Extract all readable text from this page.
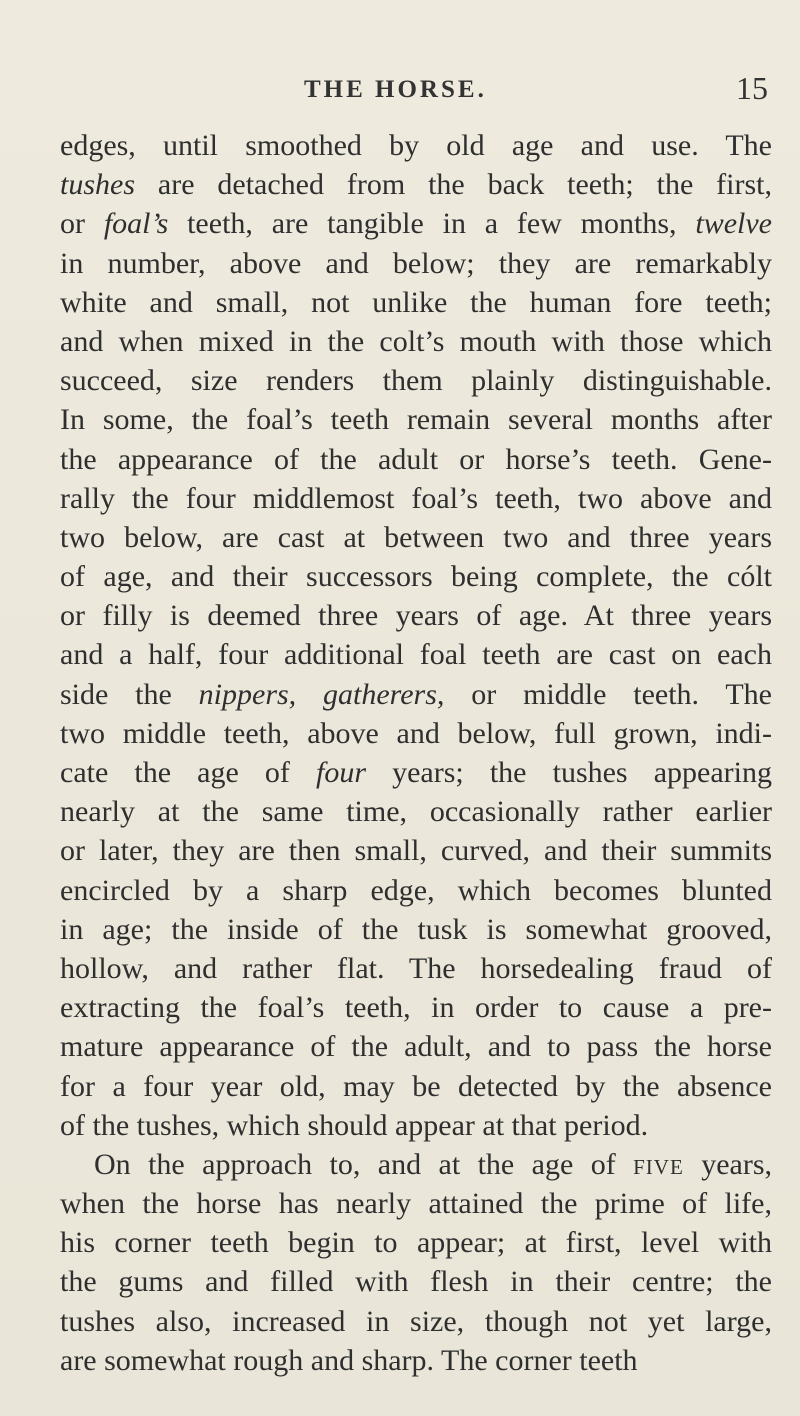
THE HORSE.	15
edges, until smoothed by old age and use. The
tushes are detached from the back teeth; the first,
or foal’s teeth, are tangible in a few months, twelve
in number, above and below; they are remarkably
white and small, not unlike the human fore teeth;
and when mixed in the colt’s mouth with those which
succeed, size renders them plainly distinguishable.
In some, the foal’s teeth remain several months after
the appearance of the adult or horse’s teeth. Gene-
rally the four middlemost foal’s teeth, two above and
two below, are cast at between two and three years
of age, and their successors being complete, the cólt
or filly is deemed three years of age. At three years
and a half, four additional foal teeth are cast on each
side the nippers, gatherers, or middle teeth. The
two middle teeth, above and below, full grown, indi-
cate the age of four years; the tushes appearing
nearly at the same time, occasionally rather earlier
or later, they are then small, curved, and their summits
encircled by a sharp edge, which becomes blunted
in age; the inside of the tusk is somewhat grooved,
hollow, and rather flat. The horsedealing fraud of
extracting the foal’s teeth, in order to cause a pre-
mature appearance of the adult, and to pass the horse
for a four year old, may be detected by the absence
of the tushes, which should appear at that period.
On the approach to, and at the age of five years,
when the horse has nearly attained the prime of life,
his corner teeth begin to appear; at first, level with
the gums and filled with flesh in their centre; the
tushes also, increased in size, though not yet large,
are somewhat rough and sharp. The corner teeth
